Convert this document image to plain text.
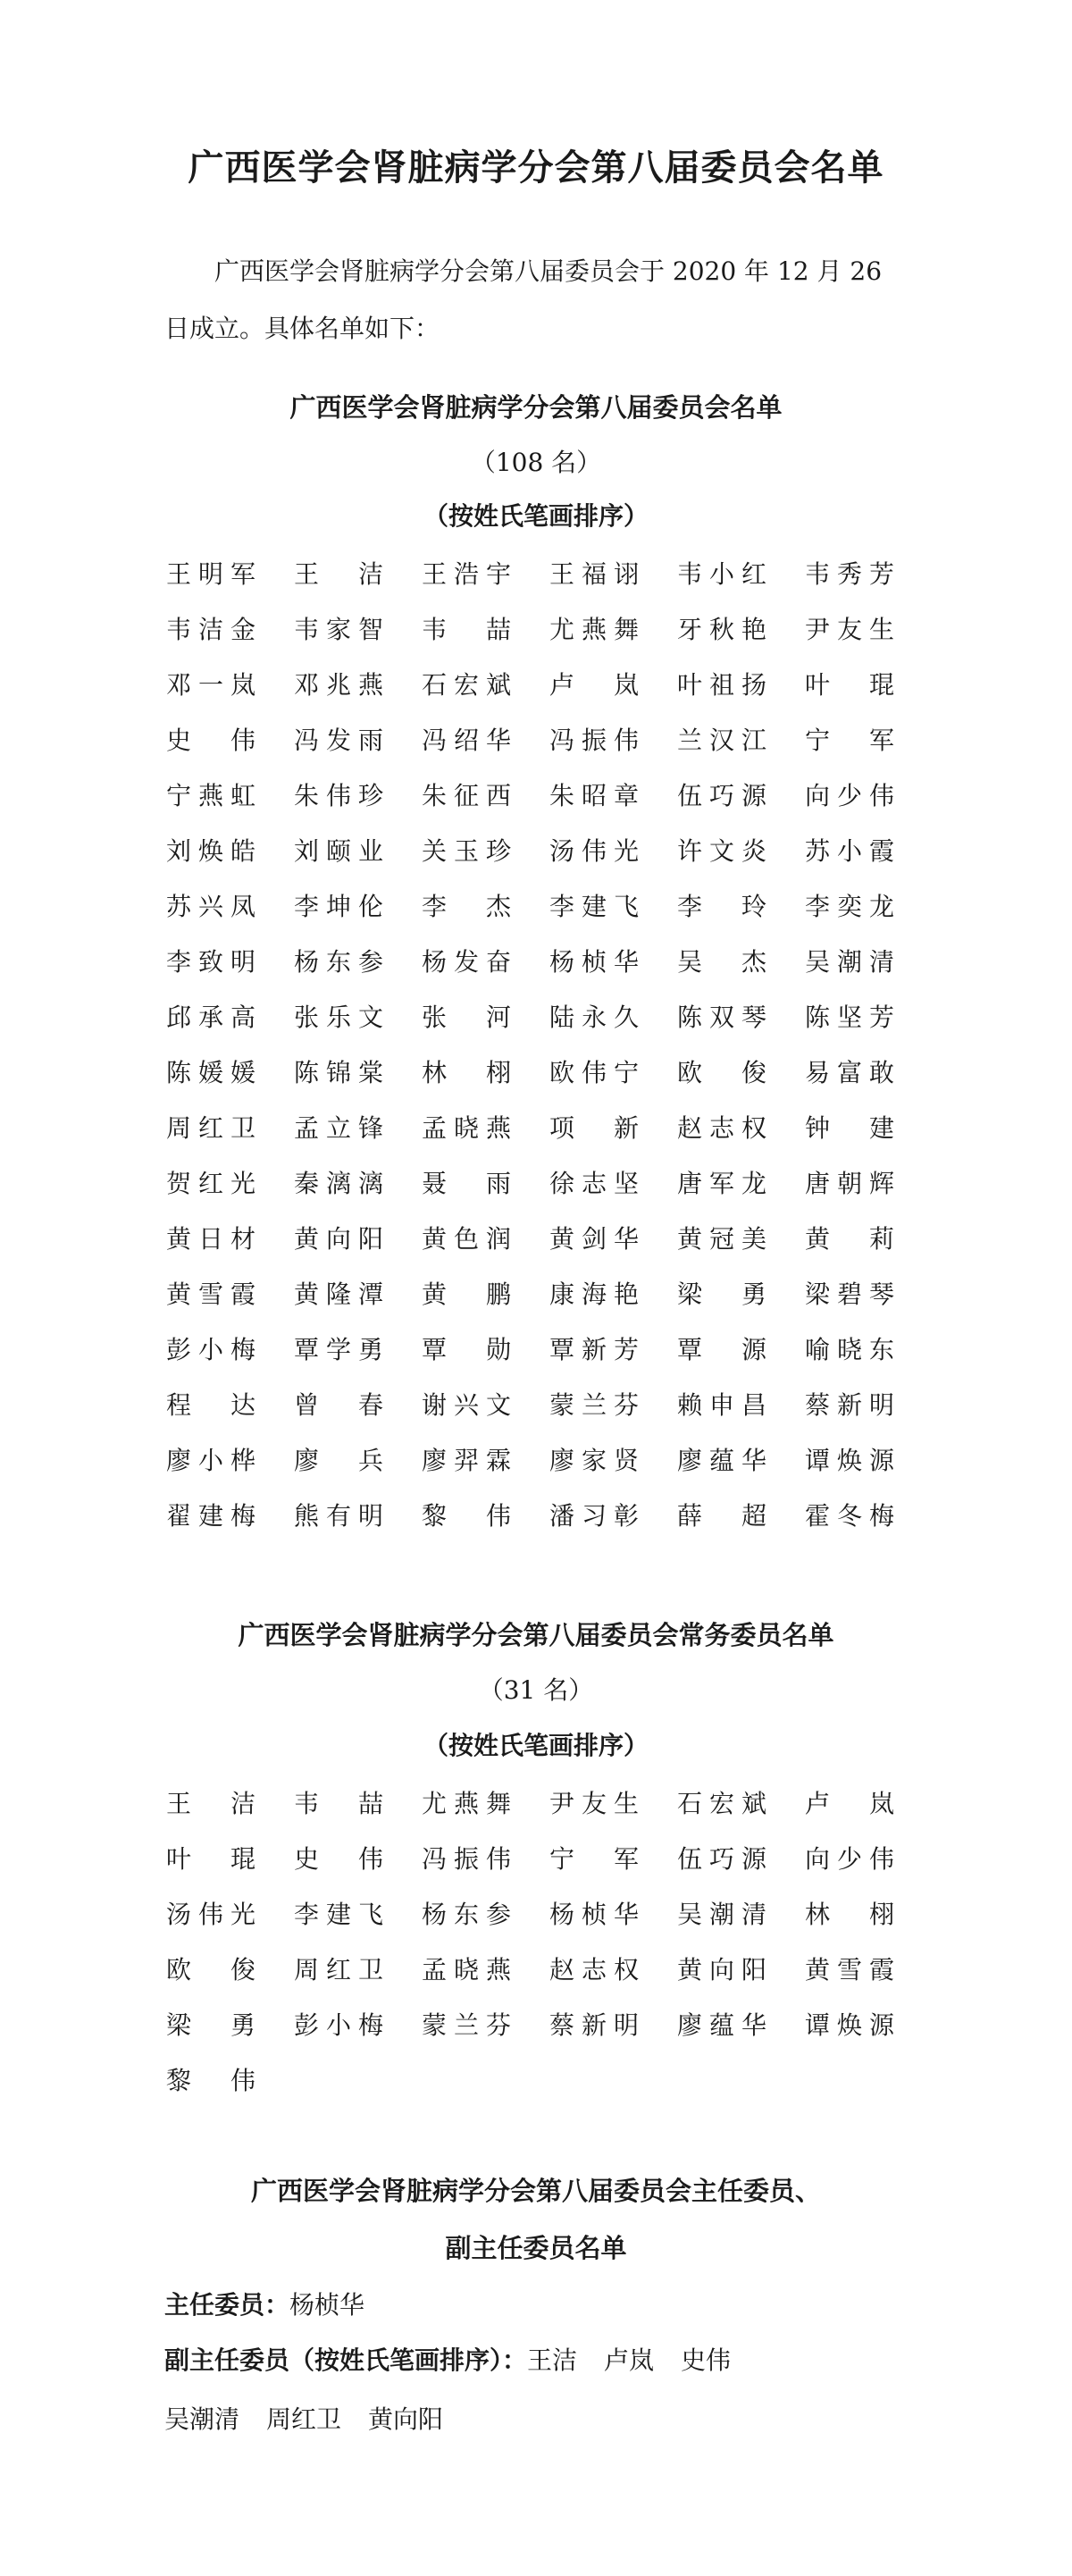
广西医学会肾脏病学分会第八届委员会名单

广西医学会肾脏病学分会第八届委员会于 2020 年 12 月 26 日成立。具体名单如下：

广西医学会肾脏病学分会第八届委员会名单

（108 名）

（按姓氏笔画排序）

王明军 王洁 王浩宇 王福诩 韦小红 韦秀芳
韦洁金 韦家智 韦喆 尤燕舞 牙秋艳 尹友生
邓一岚 邓兆燕 石宏斌 卢岚 叶祖扬 叶琨
史伟 冯发雨 冯绍华 冯振伟 兰汉江 宁军
宁燕虹 朱伟珍 朱征西 朱昭章 伍巧源 向少伟
刘焕皓 刘颐业 关玉珍 汤伟光 许文炎 苏小霞
苏兴凤 李坤伦 李杰 李建飞 李玲 李奕龙
李致明 杨东参 杨发奋 杨桢华 吴杰 吴潮清
邱承高 张乐文 张河 陆永久 陈双琴 陈坚芳
陈媛媛 陈锦棠 林栩 欧伟宁 欧俊 易富敢
周红卫 孟立锋 孟晓燕 项新 赵志权 钟建
贺红光 秦漓漓 聂雨 徐志坚 唐军龙 唐朝辉
黄日材 黄向阳 黄色润 黄剑华 黄冠美 黄莉
黄雪霞 黄隆潭 黄鹏 康海艳 梁勇 梁碧琴
彭小梅 覃学勇 覃勋 覃新芳 覃源 喻晓东
程达 曾春 谢兴文 蒙兰芬 赖申昌 蔡新明
廖小桦 廖兵 廖羿霖 廖家贤 廖蕴华 谭焕源
翟建梅 熊有明 黎伟 潘习彰 薛超 霍冬梅
广西医学会肾脏病学分会第八届委员会常务委员名单

（31 名）

（按姓氏笔画排序）

王洁 韦喆 尤燕舞 尹友生 石宏斌 卢岚
叶琨 史伟 冯振伟 宁军 伍巧源 向少伟
汤伟光 李建飞 杨东参 杨桢华 吴潮清 林栩
欧俊 周红卫 孟晓燕 赵志权 黄向阳 黄雪霞
梁勇 彭小梅 蒙兰芬 蔡新明 廖蕴华 谭焕源
黎伟
广西医学会肾脏病学分会第八届委员会主任委员、
副主任委员名单

主任委员：杨桢华

副主任委员（按姓氏笔画排序）：王洁 卢岚 史伟

吴潮清 周红卫 黄向阳
